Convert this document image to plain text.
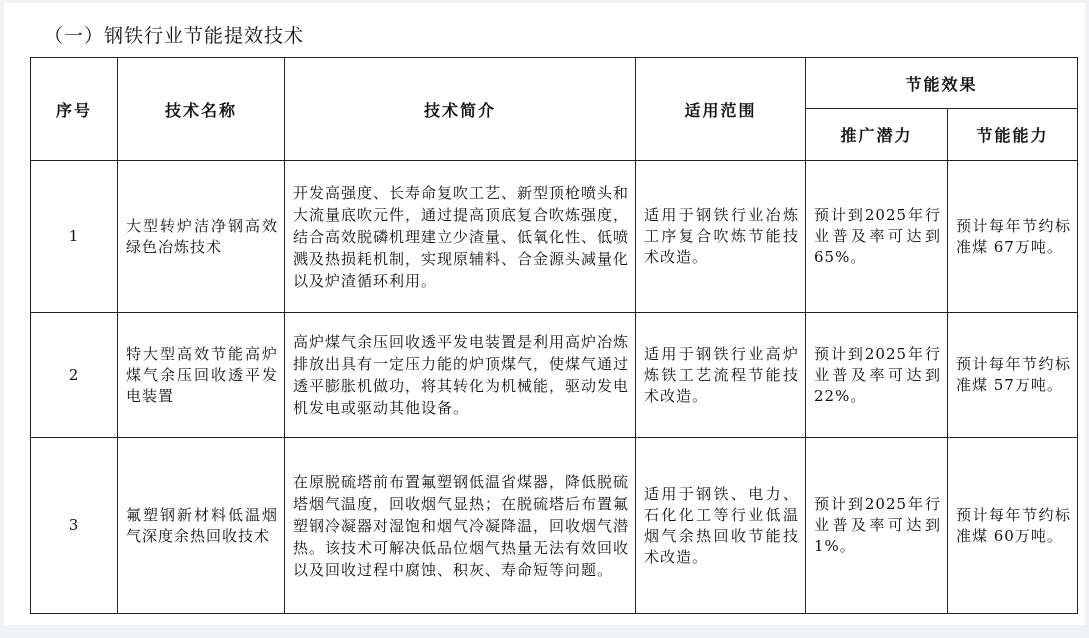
（一）钢铁行业节能提效技术
序号	技术名称	技术简介	适用范围	节能效果	
				推广潜力	节能能力
1	大型转炉洁净钢高效绿色冶炼技术	开发高强度、长寿命复吹工艺、新型顶枪喷头和大流量底吹元件，通过提高顶底复合吹炼强度，结合高效脱磷机理建立少渣量、低氧化性、低喷溅及热损耗机制，实现原辅料、合金源头减量化以及炉渣循环利用。	适用于钢铁行业冶炼工序复合吹炼节能技术改造。	预计到2025年行业普及率可达到65%。	预计每年节约标准煤 67万吨。
2	特大型高效节能高炉煤气余压回收透平发电装置	高炉煤气余压回收透平发电装置是利用高炉冶炼排放出具有一定压力能的炉顶煤气，使煤气通过透平膨胀机做功，将其转化为机械能，驱动发电机发电或驱动其他设备。	适用于钢铁行业高炉炼铁工艺流程节能技术改造。	预计到2025年行业普及率可达到22%。	预计每年节约标准煤 57万吨。
3	氟塑钢新材料低温烟气深度余热回收技术	在原脱硫塔前布置氟塑钢低温省煤器，降低脱硫塔烟气温度，回收烟气显热；在脱硫塔后布置氟塑钢冷凝器对湿饱和烟气冷凝降温，回收烟气潜热。该技术可解决低品位烟气热量无法有效回收以及回收过程中腐蚀、积灰、寿命短等问题。	适用于钢铁、电力、石化化工等行业低温烟气余热回收节能技术改造。	预计到2025年行业普及率可达到1%。	预计每年节约标准煤 60万吨。
